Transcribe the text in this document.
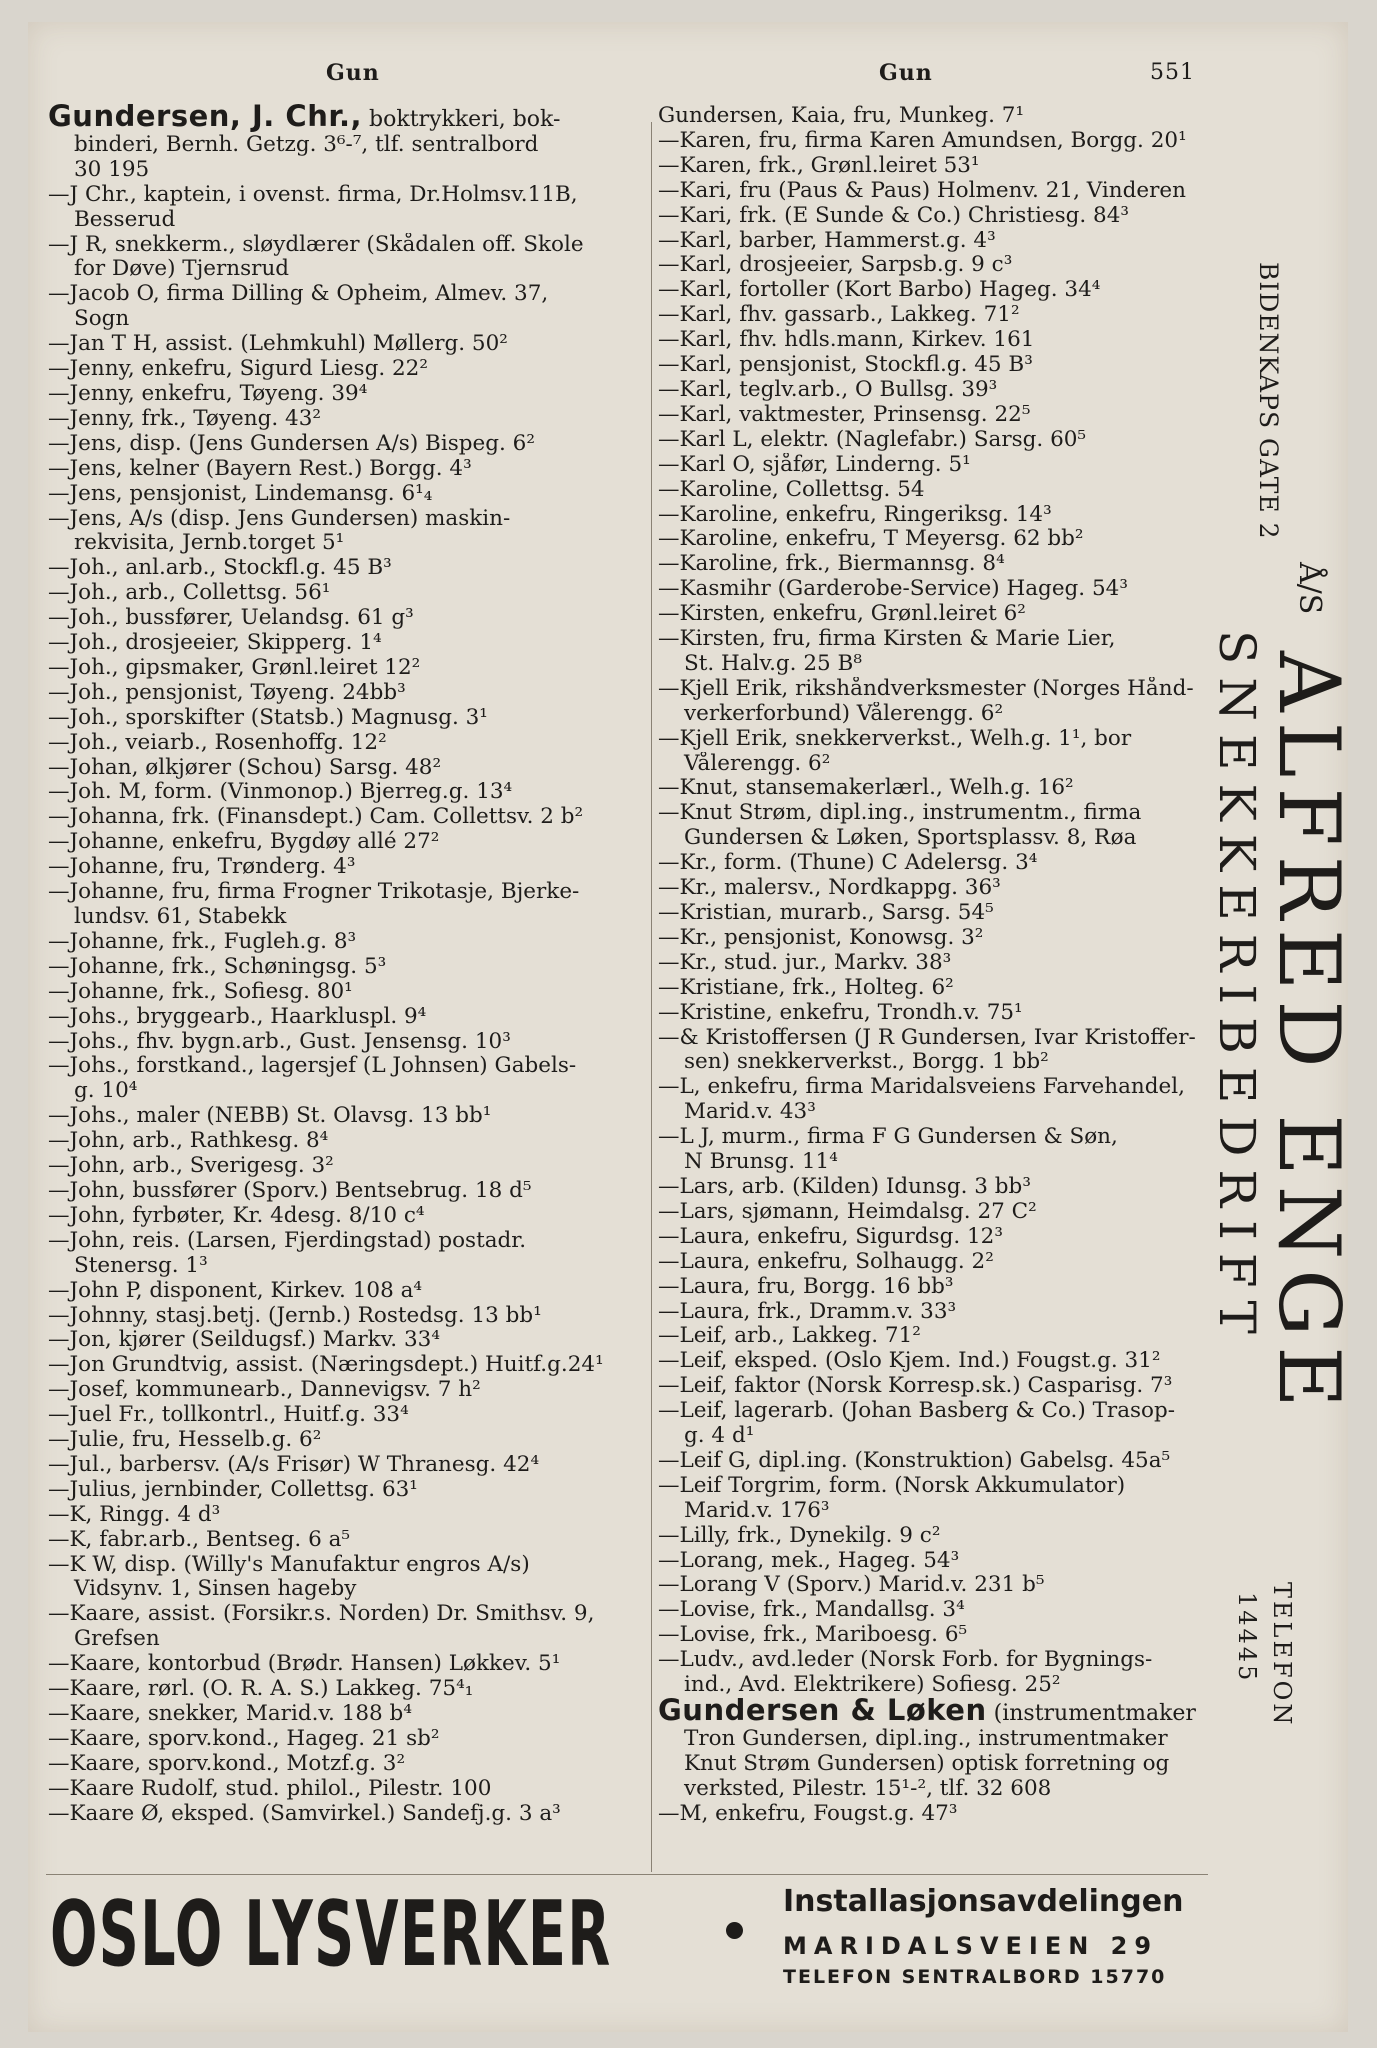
Gun	Gun	551
Gundersen, J. Chr., boktrykkeri, bok-
binderi, Bernh. Getzg. 3⁶-⁷, tlf. sentralbord
30 195
—J Chr., kaptein, i ovenst. firma, Dr.Holmsv.11B,
Besserud
—J R, snekkerm., sløydlærer (Skådalen off. Skole
for Døve) Tjernsrud
—Jacob O, firma Dilling & Opheim, Almev. 37,
Sogn
—Jan T H, assist. (Lehmkuhl) Møllerg. 50²
—Jenny, enkefru, Sigurd Liesg. 22²
—Jenny, enkefru, Tøyeng. 39⁴
—Jenny, frk., Tøyeng. 43²
—Jens, disp. (Jens Gundersen A/s) Bispeg. 6²
—Jens, kelner (Bayern Rest.) Borgg. 4³
—Jens, pensjonist, Lindemansg. 6¹₄
—Jens, A/s (disp. Jens Gundersen) maskin-
rekvisita, Jernb.torget 5¹
—Joh., anl.arb., Stockfl.g. 45 B³
—Joh., arb., Collettsg. 56¹
—Joh., bussfører, Uelandsg. 61 g³
—Joh., drosjeeier, Skipperg. 1⁴
—Joh., gipsmaker, Grønl.leiret 12²
—Joh., pensjonist, Tøyeng. 24bb³
—Joh., sporskifter (Statsb.) Magnusg. 3¹
—Joh., veiarb., Rosenhoffg. 12²
—Johan, ølkjører (Schou) Sarsg. 48²
—Joh. M, form. (Vinmonop.) Bjerreg.g. 13⁴
—Johanna, frk. (Finansdept.) Cam. Collettsv. 2 b²
—Johanne, enkefru, Bygdøy allé 27²
—Johanne, fru, Trønderg. 4³
—Johanne, fru, firma Frogner Trikotasje, Bjerke-
lundsv. 61, Stabekk
—Johanne, frk., Fugleh.g. 8³
—Johanne, frk., Schøningsg. 5³
—Johanne, frk., Sofiesg. 80¹
—Johs., bryggearb., Haarkluspl. 9⁴
—Johs., fhv. bygn.arb., Gust. Jensensg. 10³
—Johs., forstkand., lagersjef (L Johnsen) Gabels-
g. 10⁴
—Johs., maler (NEBB) St. Olavsg. 13 bb¹
—John, arb., Rathkesg. 8⁴
—John, arb., Sverigesg. 3²
—John, bussfører (Sporv.) Bentsebrug. 18 d⁵
—John, fyrbøter, Kr. 4desg. 8/10 c⁴
—John, reis. (Larsen, Fjerdingstad) postadr.
Stenersg. 1³
—John P, disponent, Kirkev. 108 a⁴
—Johnny, stasj.betj. (Jernb.) Rostedsg. 13 bb¹
—Jon, kjører (Seildugsf.) Markv. 33⁴
—Jon Grundtvig, assist. (Næringsdept.) Huitf.g.24¹
—Josef, kommunearb., Dannevigsv. 7 h²
—Juel Fr., tollkontrl., Huitf.g. 33⁴
—Julie, fru, Hesselb.g. 6²
—Jul., barbersv. (A/s Frisør) W Thranesg. 42⁴
—Julius, jernbinder, Collettsg. 63¹
—K, Ringg. 4 d³
—K, fabr.arb., Bentseg. 6 a⁵
—K W, disp. (Willy's Manufaktur engros A/s)
Vidsynv. 1, Sinsen hageby
—Kaare, assist. (Forsikr.s. Norden) Dr. Smithsv. 9,
Grefsen
—Kaare, kontorbud (Brødr. Hansen) Løkkev. 5¹
—Kaare, rørl. (O. R. A. S.) Lakkeg. 75⁴₁
—Kaare, snekker, Marid.v. 188 b⁴
—Kaare, sporv.kond., Hageg. 21 sb²
—Kaare, sporv.kond., Motzf.g. 3²
—Kaare Rudolf, stud. philol., Pilestr. 100
—Kaare Ø, eksped. (Samvirkel.) Sandefj.g. 3 a³
Gundersen, Kaia, fru, Munkeg. 7¹
—Karen, fru, firma Karen Amundsen, Borgg. 20¹
—Karen, frk., Grønl.leiret 53¹
—Kari, fru (Paus & Paus) Holmenv. 21, Vinderen
—Kari, frk. (E Sunde & Co.) Christiesg. 84³
—Karl, barber, Hammerst.g. 4³
—Karl, drosjeeier, Sarpsb.g. 9 c³
—Karl, fortoller (Kort Barbo) Hageg. 34⁴
—Karl, fhv. gassarb., Lakkeg. 71²
—Karl, fhv. hdls.mann, Kirkev. 161
—Karl, pensjonist, Stockfl.g. 45 B³
—Karl, teglv.arb., O Bullsg. 39³
—Karl, vaktmester, Prinsensg. 22⁵
—Karl L, elektr. (Naglefabr.) Sarsg. 60⁵
—Karl O, sjåfør, Linderng. 5¹
—Karoline, Collettsg. 54
—Karoline, enkefru, Ringeriksg. 14³
—Karoline, enkefru, T Meyersg. 62 bb²
—Karoline, frk., Biermannsg. 8⁴
—Kasmihr (Garderobe-Service) Hageg. 54³
—Kirsten, enkefru, Grønl.leiret 6²
—Kirsten, fru, firma Kirsten & Marie Lier,
St. Halv.g. 25 B⁸
—Kjell Erik, rikshåndverksmester (Norges Hånd-
verkerforbund) Vålerengg. 6²
—Kjell Erik, snekkerverkst., Welh.g. 1¹, bor
Vålerengg. 6²
—Knut, stansemakerlærl., Welh.g. 16²
—Knut Strøm, dipl.ing., instrumentm., firma
Gundersen & Løken, Sportsplassv. 8, Røa
—Kr., form. (Thune) C Adelersg. 3⁴
—Kr., malersv., Nordkappg. 36³
—Kristian, murarb., Sarsg. 54⁵
—Kr., pensjonist, Konowsg. 3²
—Kr., stud. jur., Markv. 38³
—Kristiane, frk., Holteg. 6²
—Kristine, enkefru, Trondh.v. 75¹
—& Kristoffersen (J R Gundersen, Ivar Kristoffer-
sen) snekkerverkst., Borgg. 1 bb²
—L, enkefru, firma Maridalsveiens Farvehandel,
Marid.v. 43³
—L J, murm., firma F G Gundersen & Søn,
N Brunsg. 11⁴
—Lars, arb. (Kilden) Idunsg. 3 bb³
—Lars, sjømann, Heimdalsg. 27 C²
—Laura, enkefru, Sigurdsg. 12³
—Laura, enkefru, Solhaugg. 2²
—Laura, fru, Borgg. 16 bb³
—Laura, frk., Dramm.v. 33³
—Leif, arb., Lakkeg. 71²
—Leif, eksped. (Oslo Kjem. Ind.) Fougst.g. 31²
—Leif, faktor (Norsk Korresp.sk.) Casparisg. 7³
—Leif, lagerarb. (Johan Basberg & Co.) Trasop-
g. 4 d¹
—Leif G, dipl.ing. (Konstruktion) Gabelsg. 45a⁵
—Leif Torgrim, form. (Norsk Akkumulator)
Marid.v. 176³
—Lilly, frk., Dynekilg. 9 c²
—Lorang, mek., Hageg. 54³
—Lorang V (Sporv.) Marid.v. 231 b⁵
—Lovise, frk., Mandallsg. 3⁴
—Lovise, frk., Mariboesg. 6⁵
—Ludv., avd.leder (Norsk Forb. for Bygnings-
ind., Avd. Elektrikere) Sofiesg. 25²
Gundersen & Løken (instrumentmaker
Tron Gundersen, dipl.ing., instrumentmaker
Knut Strøm Gundersen) optisk forretning og
verksted, Pilestr. 15¹-², tlf. 32 608
—M, enkefru, Fougst.g. 47³
BIDENKAPS GATE 2
Å/S ALFRED ENGE
SNEKKERIBEDRIFT
TELEFON
14445
OSLO LYSVERKER	Installasjonsavdelingen
MARIDALSVEIEN 29
TELEFON SENTRALBORD 15770
